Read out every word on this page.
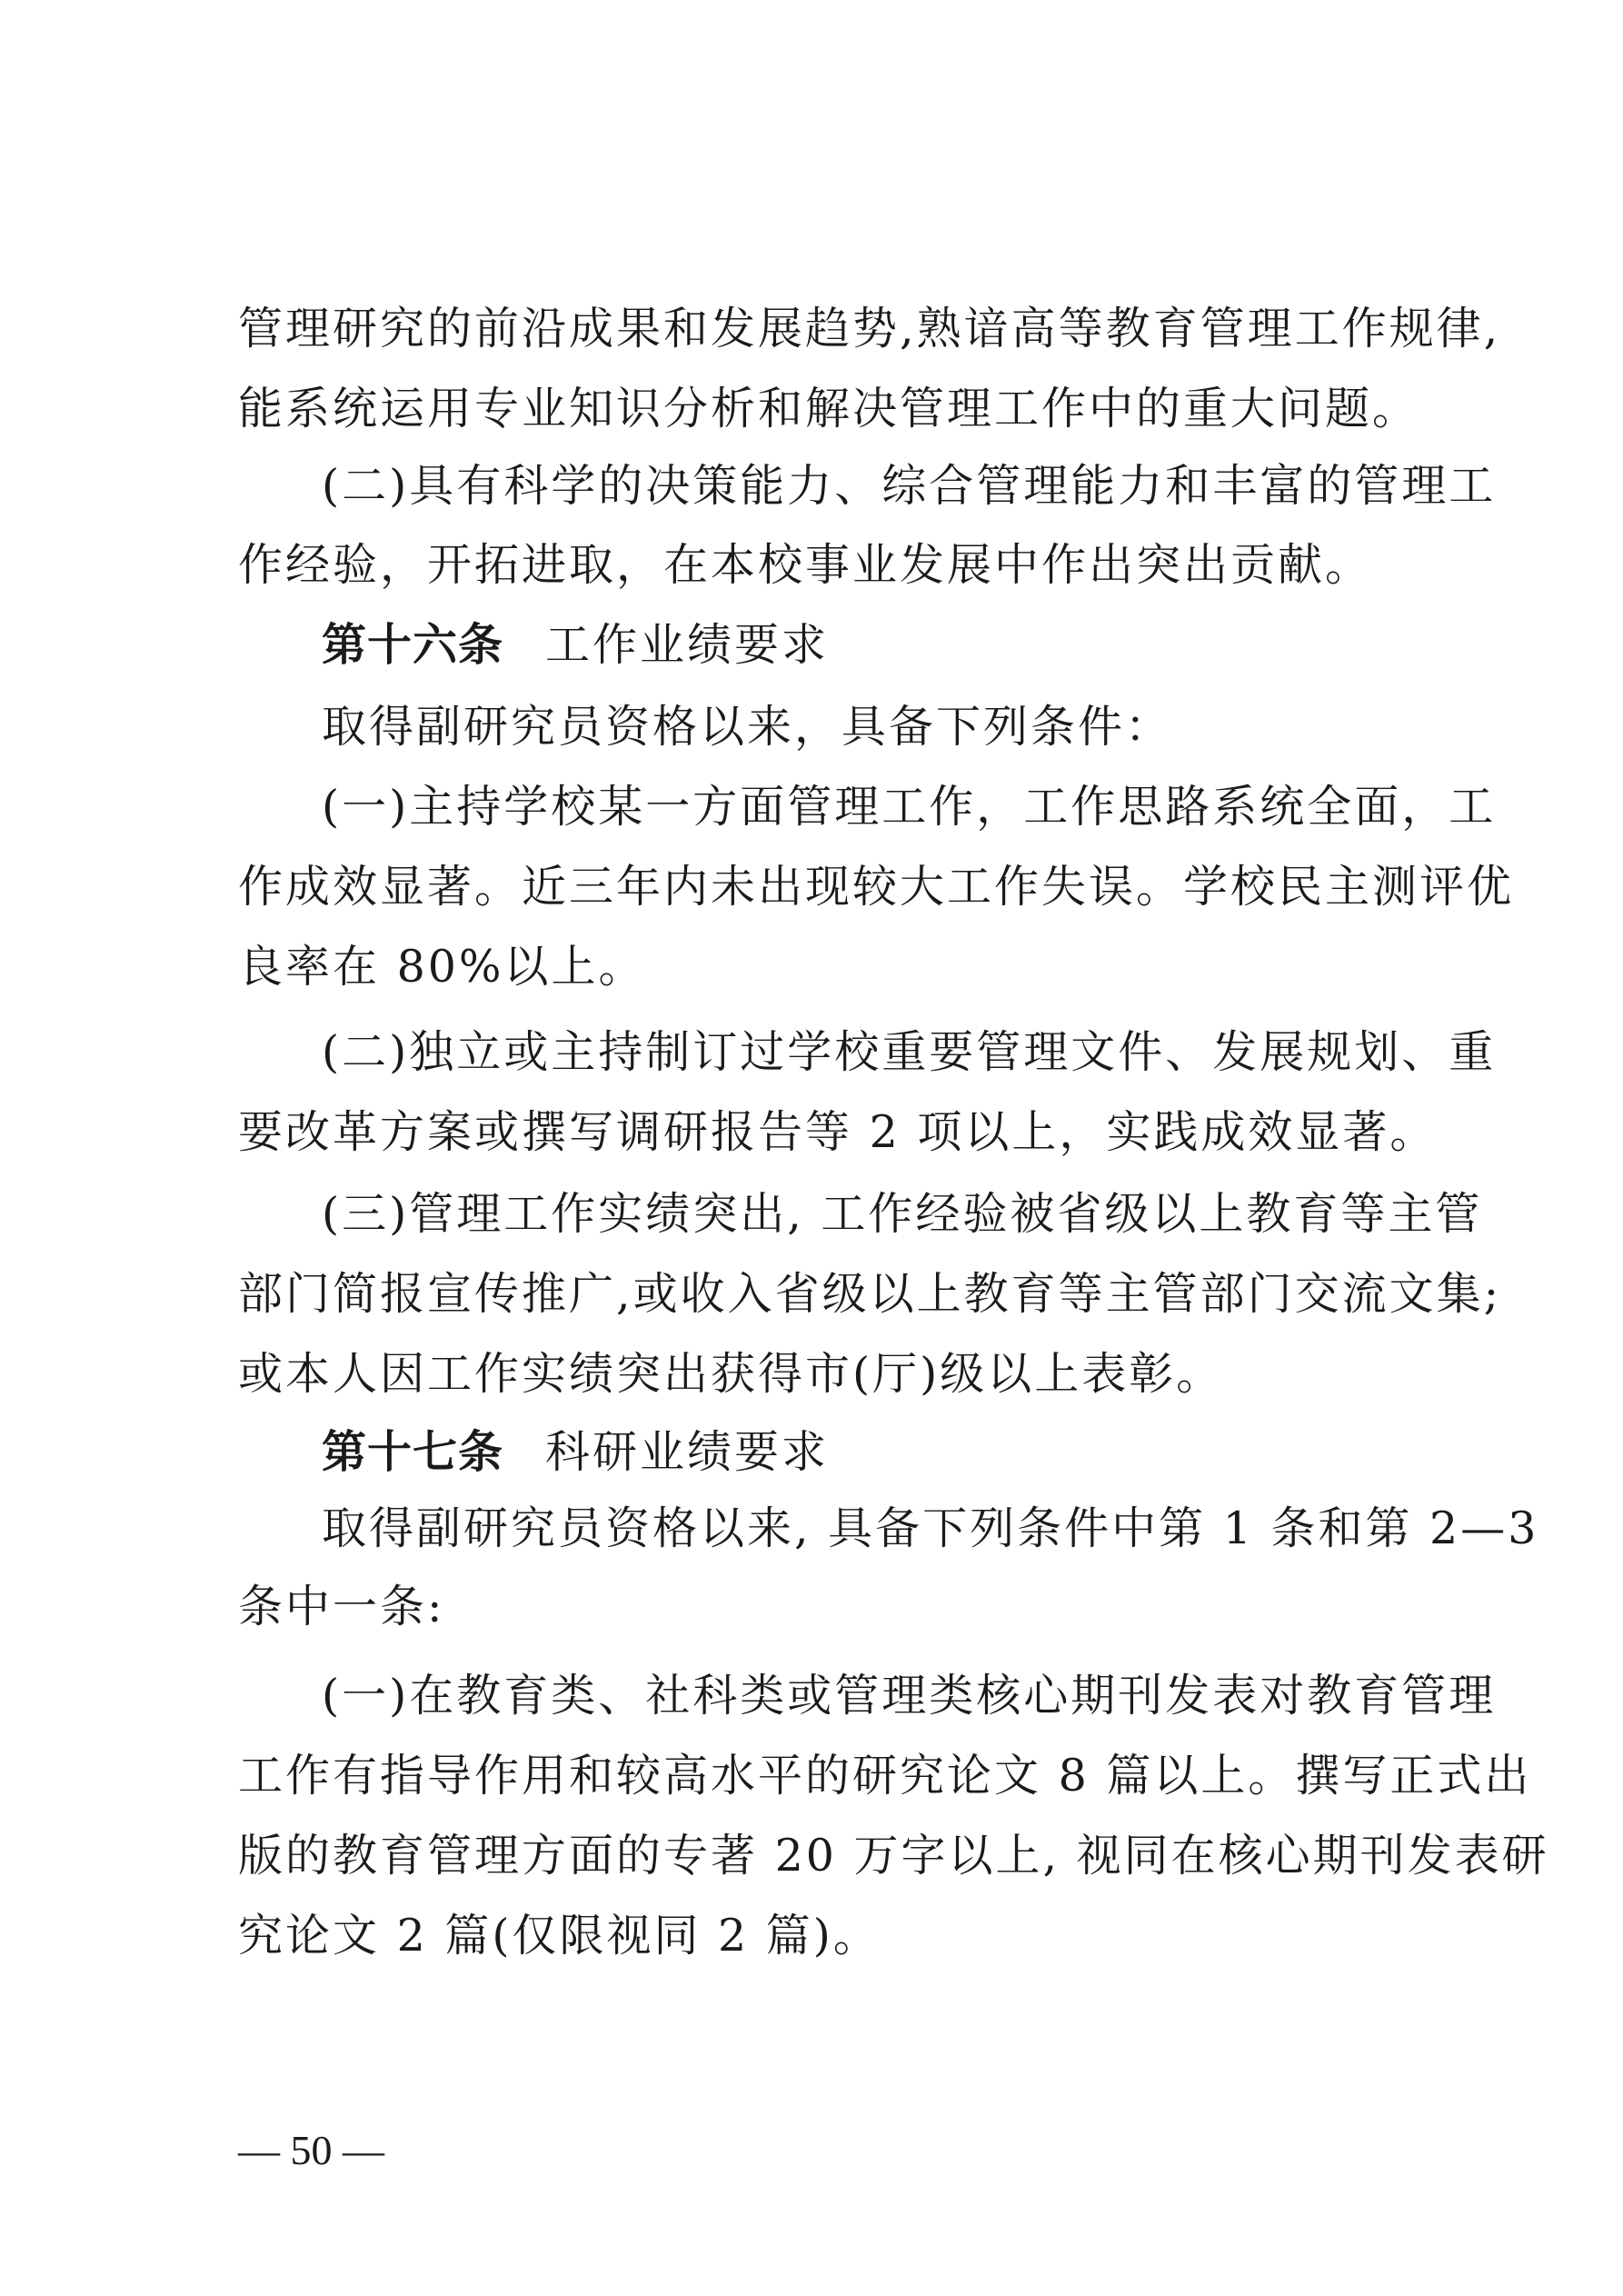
管理研究的前沿成果和发展趋势,熟谙高等教育管理工作规律,
能系统运用专业知识分析和解决管理工作中的重大问题。
(二)具有科学的决策能力、综合管理能力和丰富的管理工
作经验，开拓进取，在本校事业发展中作出突出贡献。
第十六条 工作业绩要求
取得副研究员资格以来，具备下列条件：
(一)主持学校某一方面管理工作，工作思路系统全面，工
作成效显著。近三年内未出现较大工作失误。学校民主测评优
良率在 80%以上。
(二)独立或主持制订过学校重要管理文件、发展规划、重
要改革方案或撰写调研报告等 2 项以上，实践成效显著。
(三)管理工作实绩突出, 工作经验被省级以上教育等主管
部门简报宣传推广,或收入省级以上教育等主管部门交流文集;
或本人因工作实绩突出获得市(厅)级以上表彰。
第十七条 科研业绩要求
取得副研究员资格以来, 具备下列条件中第 1 条和第 2—3
条中一条:
(一)在教育类、社科类或管理类核心期刊发表对教育管理
工作有指导作用和较高水平的研究论文 8 篇以上。撰写正式出
版的教育管理方面的专著 20 万字以上, 视同在核心期刊发表研
究论文 2 篇(仅限视同 2 篇)。
— 50 —
